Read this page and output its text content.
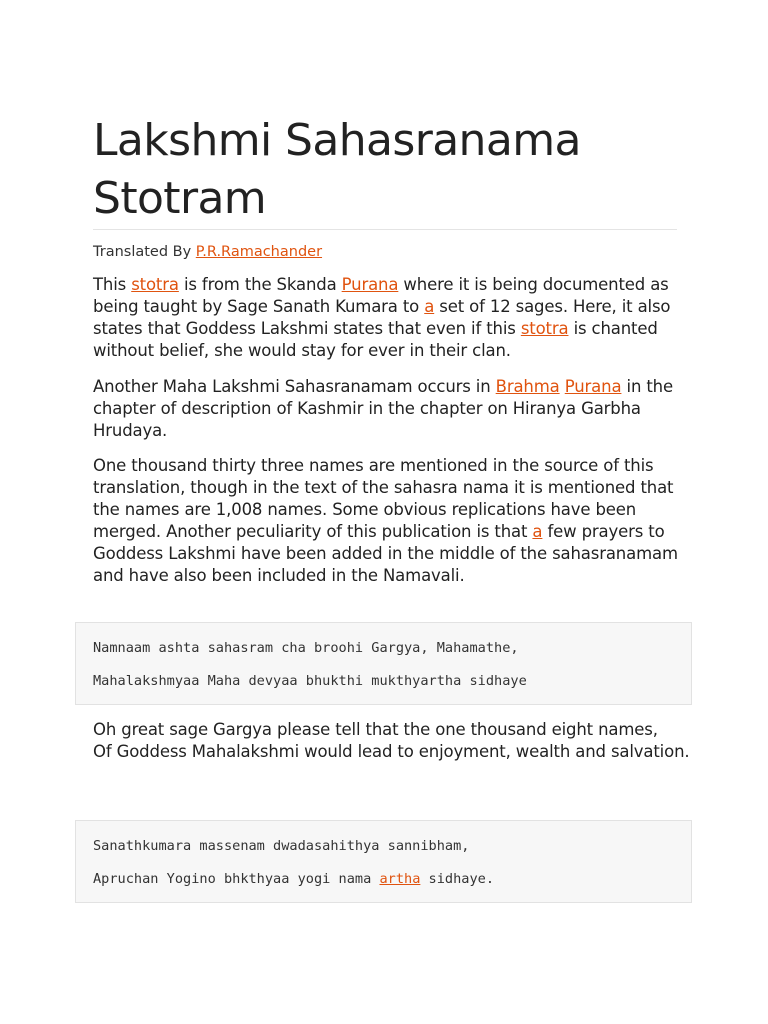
Lakshmi Sahasranama
Stotram
Translated By P.R.Ramachander

This stotra is from the Skanda Purana where it is being documented as being taught by Sage Sanath Kumara to a set of 12 sages. Here, it also states that Goddess Lakshmi states that even if this stotra is chanted without belief, she would stay for ever in their clan.

Another Maha Lakshmi Sahasranamam occurs in Brahma Purana in the chapter of description of Kashmir in the chapter on Hiranya Garbha Hrudaya.

One thousand thirty three names are mentioned in the source of this translation, though in the text of the sahasra nama it is mentioned that the names are 1,008 names. Some obvious replications have been merged. Another peculiarity of this publication is that a few prayers to Goddess Lakshmi have been added in the middle of the sahasranamam and have also been included in the Namavali.

Oh great sage Gargya please tell that the one thousand eight names,
Of Goddess Mahalakshmi would lead to enjoyment, wealth and salvation.

Namnaam ashta sahasram cha broohi Gargya, Mahamathe,

Mahalakshmyaa Maha devyaa bhukthi mukthyartha sidhaye

Sanathkumara massenam dwadasahithya sannibham,

Apruchan Yogino bhkthyaa yogi nama artha sidhaye.
